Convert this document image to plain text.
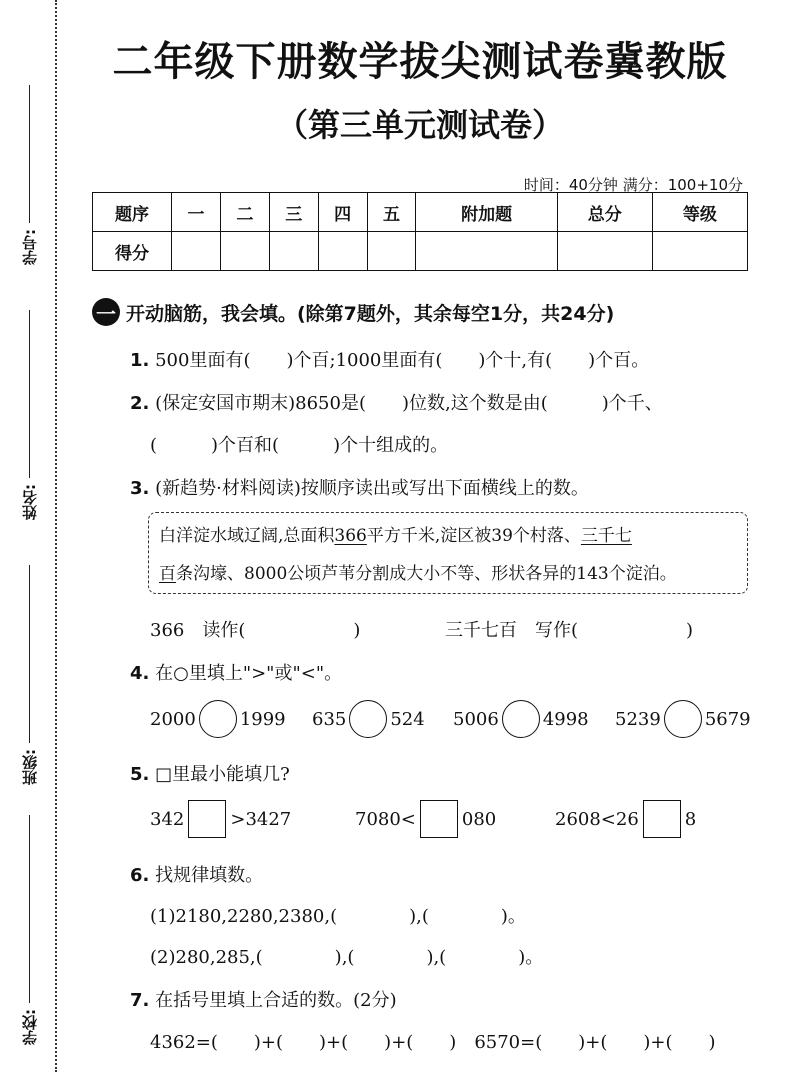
学号:
姓名:
班级:
学校:
二年级下册数学拔尖测试卷冀教版
（第三单元测试卷）
时间：40分钟 满分：100+10分
题序	一	二	三	四	五	附加题	总分	等级
得分								
一 开动脑筋，我会填。(除第7题外，其余每空1分，共24分)
1. 500里面有(　　)个百;1000里面有(　　)个十,有(　　)个百。
2. (保定安国市期末)8650是(　　)位数,这个数是由(　　　)个千、
(　　　)个百和(　　　)个十组成的。
3. (新趋势·材料阅读)按顺序读出或写出下面横线上的数。
白洋淀水域辽阔,总面积366平方千米,淀区被39个村落、三千七
百条沟壕、8000公顷芦苇分割成大小不等、形状各异的143个淀泊。
366　读作(　　　　　　)	三千七百　写作(　　　　　　)
4. 在○里填上">"或"<"。
2000 1999 635 524 5006 4998 5239 5679
5. □里最小能填几?
342	>3427	7080<	080	2608<26	8
6. 找规律填数。
(1)2180,2280,2380,(　　　　),(　　　　)。
(2)280,285,(　　　　),(　　　　),(　　　　)。
7. 在括号里填上合适的数。(2分)
4362=(　　)+(　　)+(　　)+(　　)　6570=(　　)+(　　)+(　　)
